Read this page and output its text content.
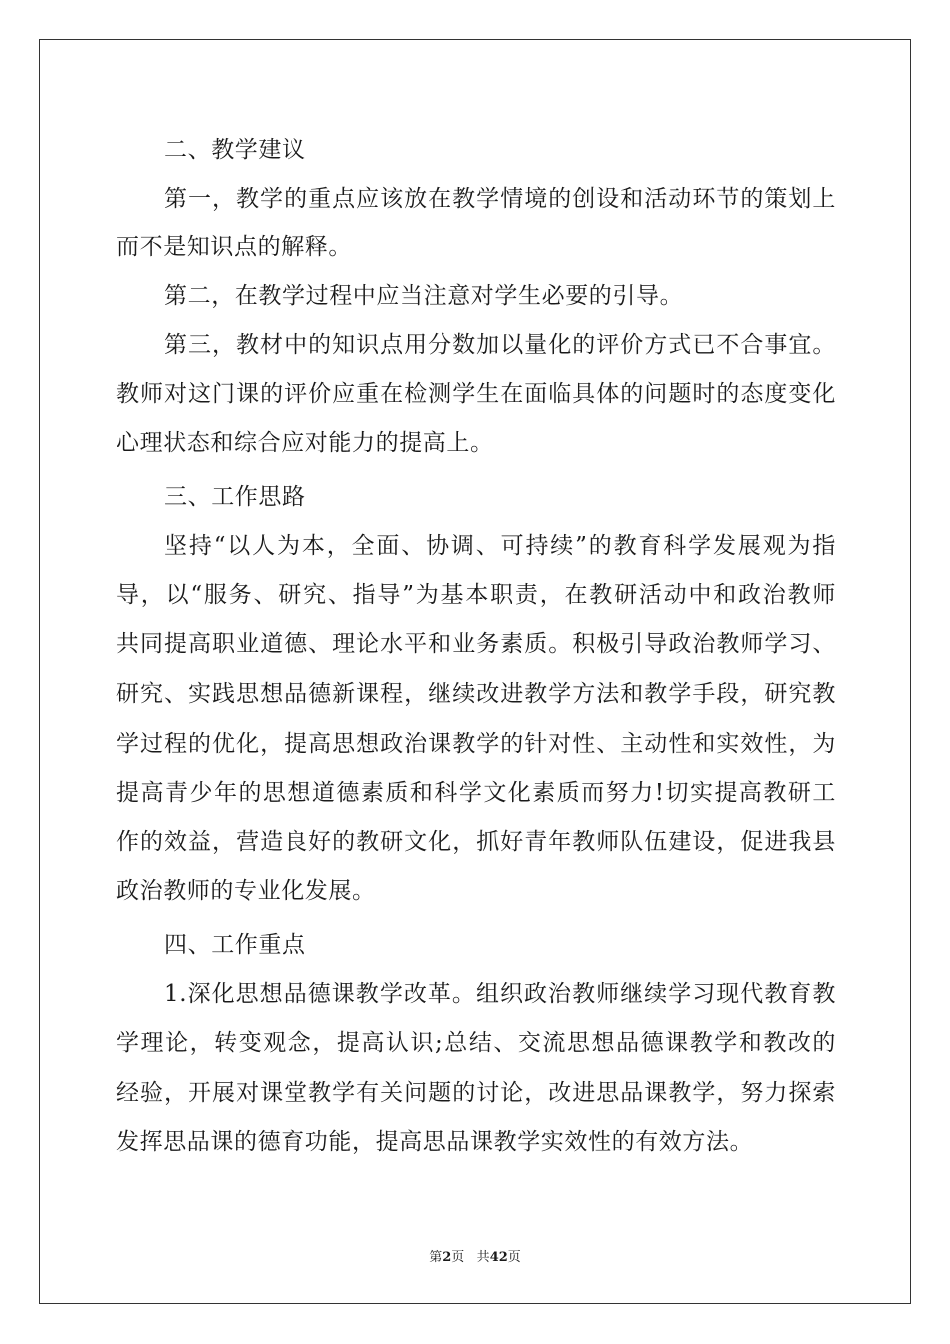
二、教学建议
第一，教学的重点应该放在教学情境的创设和活动环节的策划上
而不是知识点的解释。
第二，在教学过程中应当注意对学生必要的引导。
第三，教材中的知识点用分数加以量化的评价方式已不合事宜。
教师对这门课的评价应重在检测学生在面临具体的问题时的态度变化
心理状态和综合应对能力的提高上。
三、工作思路
坚持“以人为本，全面、协调、可持续”的教育科学发展观为指
导，以“服务、研究、指导”为基本职责，在教研活动中和政治教师
共同提高职业道德、理论水平和业务素质。积极引导政治教师学习、
研究、实践思想品德新课程，继续改进教学方法和教学手段，研究教
学过程的优化，提高思想政治课教学的针对性、主动性和实效性，为
提高青少年的思想道德素质和科学文化素质而努力!切实提高教研工
作的效益，营造良好的教研文化，抓好青年教师队伍建设，促进我县
政治教师的专业化发展。
四、工作重点
1.深化思想品德课教学改革。组织政治教师继续学习现代教育教
学理论，转变观念，提高认识;总结、交流思想品德课教学和教改的
经验，开展对课堂教学有关问题的讨论，改进思品课教学，努力探索
发挥思品课的德育功能，提高思品课教学实效性的有效方法。
第2页 共42页
